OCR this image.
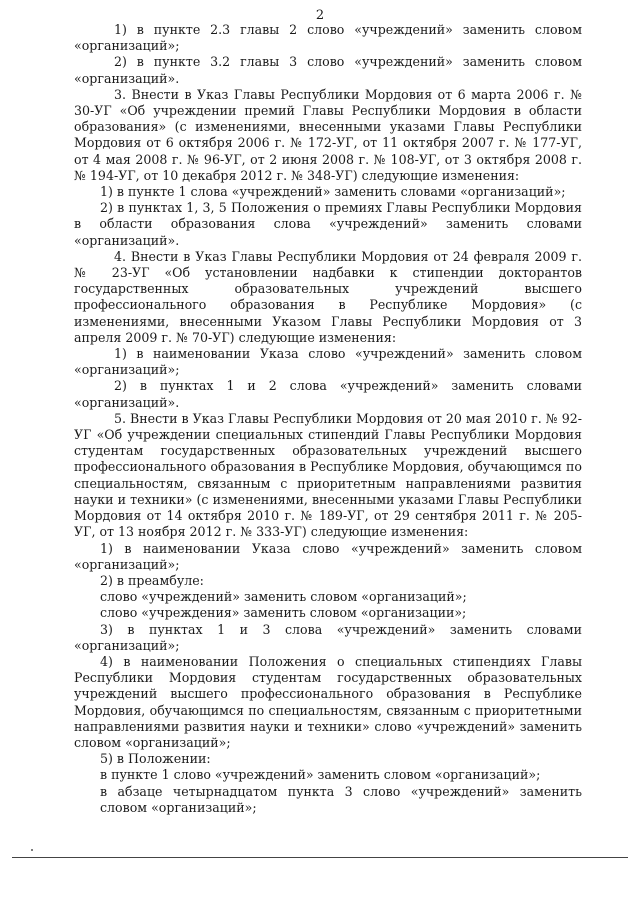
2

1) в пункте 2.3 главы 2 слово «учреждений» заменить словом «организаций»;

2) в пункте 3.2 главы 3 слово «учреждений» заменить словом «организаций».

3. Внести в Указ Главы Республики Мордовия от 6 марта 2006 г. № 30-УГ «Об учреждении премий Главы Республики Мордовия в области образования» (с изменениями, внесенными указами Главы Республики Мордовия от 6 октября 2006 г. № 172-УГ, от 11 октября 2007 г. № 177-УГ, от 4 мая 2008 г. № 96-УГ, от 2 июня 2008 г. № 108-УГ, от 3 октября 2008 г. № 194-УГ, от 10 декабря 2012 г. № 348-УГ) следующие изменения:

1) в пункте 1 слова «учреждений» заменить словами «организаций»;

2) в пунктах 1, 3, 5 Положения о премиях Главы Республики Мордовия в области образования слова «учреждений» заменить словами «организаций».

4. Внести в Указ Главы Республики Мордовия от 24 февраля 2009 г. № 23-УГ «Об установлении надбавки к стипендии докторантов государственных образовательных учреждений высшего профессионального образования в Республике Мордовия» (с изменениями, внесенными Указом Главы Республики Мордовия от 3 апреля 2009 г. № 70-УГ) следующие изменения:

1) в наименовании Указа слово «учреждений» заменить словом «организаций»;

2) в пунктах 1 и 2 слова «учреждений» заменить словами «организаций».

5. Внести в Указ Главы Республики Мордовия от 20 мая 2010 г. № 92-УГ «Об учреждении специальных стипендий Главы Республики Мордовия студентам государственных образовательных учреждений высшего профессионального образования в Республике Мордовия, обучающимся по специальностям, связанным с приоритетным направлениями развития науки и техники» (с изменениями, внесенными указами Главы Республики Мордовия от 14 октября 2010 г. № 189-УГ, от 29 сентября 2011 г. № 205-УГ, от 13 ноября 2012 г. № 333-УГ) следующие изменения:

1) в наименовании Указа слово «учреждений» заменить словом «организаций»;

2) в преамбуле:

слово «учреждений» заменить словом «организаций»;

слово «учреждения» заменить словом «организации»;

3) в пунктах 1 и 3 слова «учреждений» заменить словами «организаций»;

4) в наименовании Положения о специальных стипендиях Главы Республики Мордовия студентам государственных образовательных учреждений высшего профессионального образования в Республике Мордовия, обучающимся по специальностям, связанным с приоритетными направлениями развития науки и техники» слово «учреждений» заменить словом «организаций»;

5) в Положении:

в пункте 1 слово «учреждений» заменить словом «организаций»;

в абзаце четырнадцатом пункта 3 слово «учреждений» заменить словом «организаций»;
